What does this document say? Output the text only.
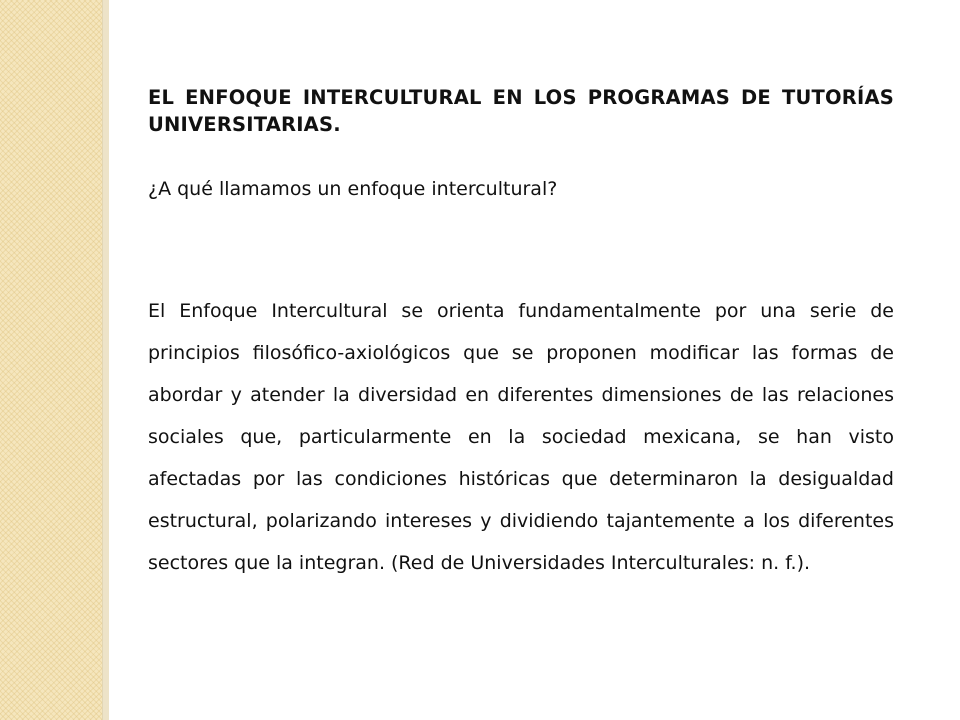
EL ENFOQUE INTERCULTURAL EN LOS PROGRAMAS DE TUTORÍAS UNIVERSITARIAS.

¿A qué llamamos un enfoque intercultural?

El Enfoque Intercultural se orienta fundamentalmente por una serie de principios filosófico-axiológicos que se proponen modificar las formas de abordar y atender la diversidad en diferentes dimensiones de las relaciones sociales que, particularmente en la sociedad mexicana, se han visto afectadas por las condiciones históricas que determinaron la desigualdad estructural, polarizando intereses y dividiendo tajantemente a los diferentes sectores que la integran. (Red de Universidades Interculturales: n. f.).
